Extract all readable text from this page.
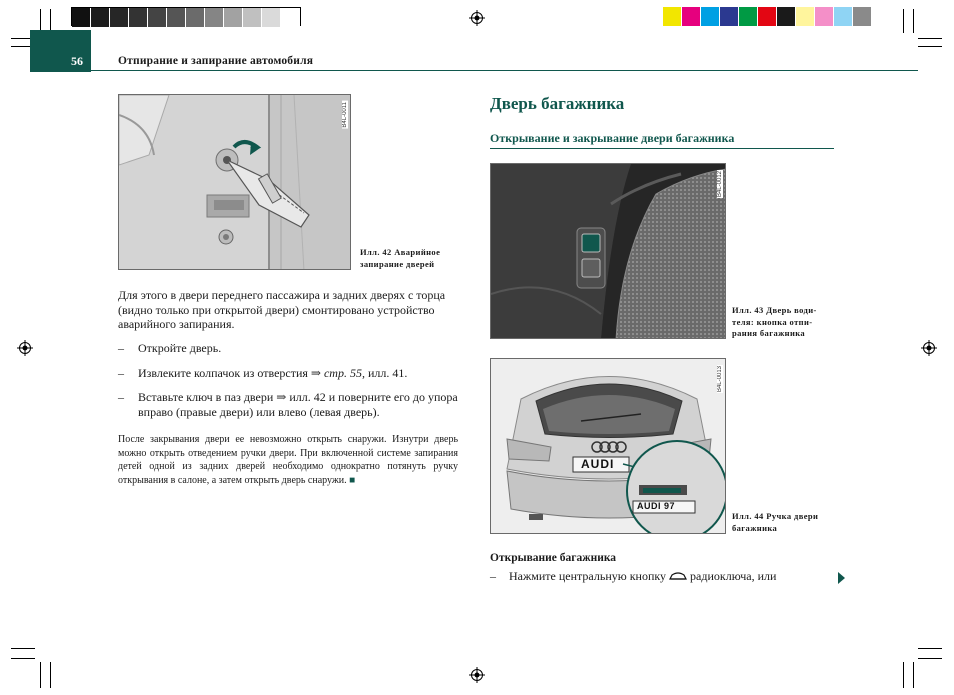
56	Отпирание и запирание автомобиля
B4L-0011
Илл. 42 Аварийное
запирание дверей
Для этого в двери переднего пассажира и задних дверях с торца (видно только при открытой двери) смонтировано устройство аварийного запирания.
– Откройте дверь.
– Извлеките колпачок из отверстия ⇒ стр. 55, илл. 41.
– Вставьте ключ в паз двери ⇒ илл. 42 и поверните его до упора вправо (правые двери) или влево (левая дверь).
После закрывания двери ее невозможно открыть снаружи. Изнутри дверь можно открыть отведением ручки двери. При включенной системе запирания детей одной из задних дверей необходимо однократно потянуть ручку открывания в салоне, а затем открыть дверь снаружи. ■
Дверь багажника
Открывание и закрывание двери багажника
B4L-0012
Илл. 43 Дверь води-
теля: кнопка отпи-
рания багажника
AUDI
AUDI 97
B4L-0013
Илл. 44 Ручка двери
багажника
Открывание багажника
– Нажмите центральную кнопку радиоключа, или
